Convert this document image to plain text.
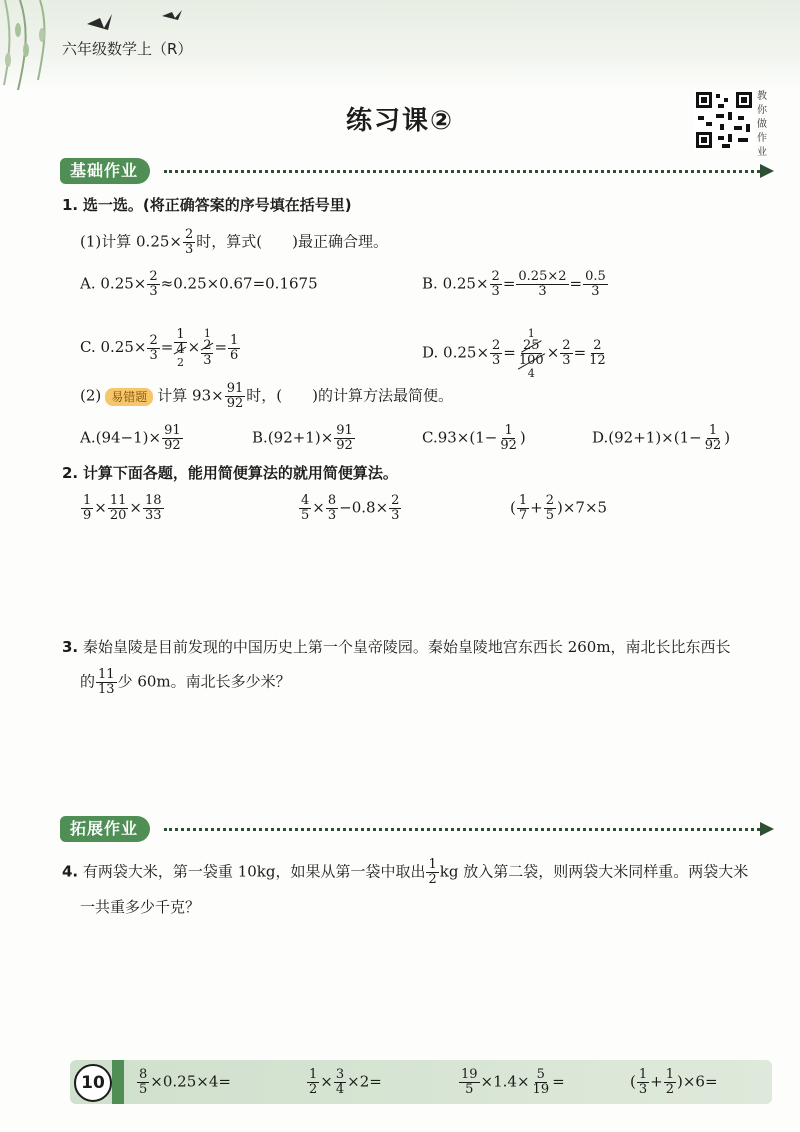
六年级数学上（R）
练习课②
教你做作业
基础作业
1. 选一选。(将正确答案的序号填在括号里)
(1)计算 $0.25\times \frac{2}{3}$ 时，算式(　　)最正确合理。
A. $0.25\times \frac{2}{3} \approx 0.25\times 0.67=0.1675$	B. $0.25\times \frac{2}{3} = \frac{0.25\times 2}{3} = \frac{0.5}{3}$
C. $0.25\times \frac{2}{3}$ =
1
4
2
×
1
2
3
= $\frac{1}{6}$	D. $0.25\times \frac{2}{3}$ =
1
25
100
4
× $\frac{2}{3} = \frac{2}{12}$
(2) 易错题 计算 $93\times \frac{91}{92}$ 时，(　　)的计算方法最简便。
$A.(94-1)\times \frac{91}{92}$	$B.(92+1)\times \frac{91}{92}$	$C.93\times(1- \frac{1}{92}$ )	$D.(92+1)\times(1- \frac{1}{92}$ )
2. 计算下面各题，能用简便算法的就用简便算法。
$\frac{1}{9} \times \frac{11}{20} \times \frac{18}{33}$	$\frac{4}{5} \times \frac{8}{3} -0.8\times \frac{2}{3}$	( $\frac{1}{7} + \frac{2}{5} )\times 7\times 5$
3. 秦始皇陵是目前发现的中国历史上第一个皇帝陵园。秦始皇陵地宫东西长 260m，南北长比东西长
的 $\frac{11}{13}$ 少 60m。南北长多少米？
拓展作业
4. 有两袋大米，第一袋重 10kg，如果从第一袋中取出 $\frac{1}{2}$ kg 放入第二袋，则两袋大米同样重。两袋大米
一共重多少千克？
10	$\frac{8}{5} \times 0.25\times 4=$	$\frac{1}{2} \times \frac{3}{4} \times 2=$	$\frac{19}{5} \times 1.4\times \frac{5}{19}$ =	( $\frac{1}{3} + \frac{1}{2} )\times 6=$
